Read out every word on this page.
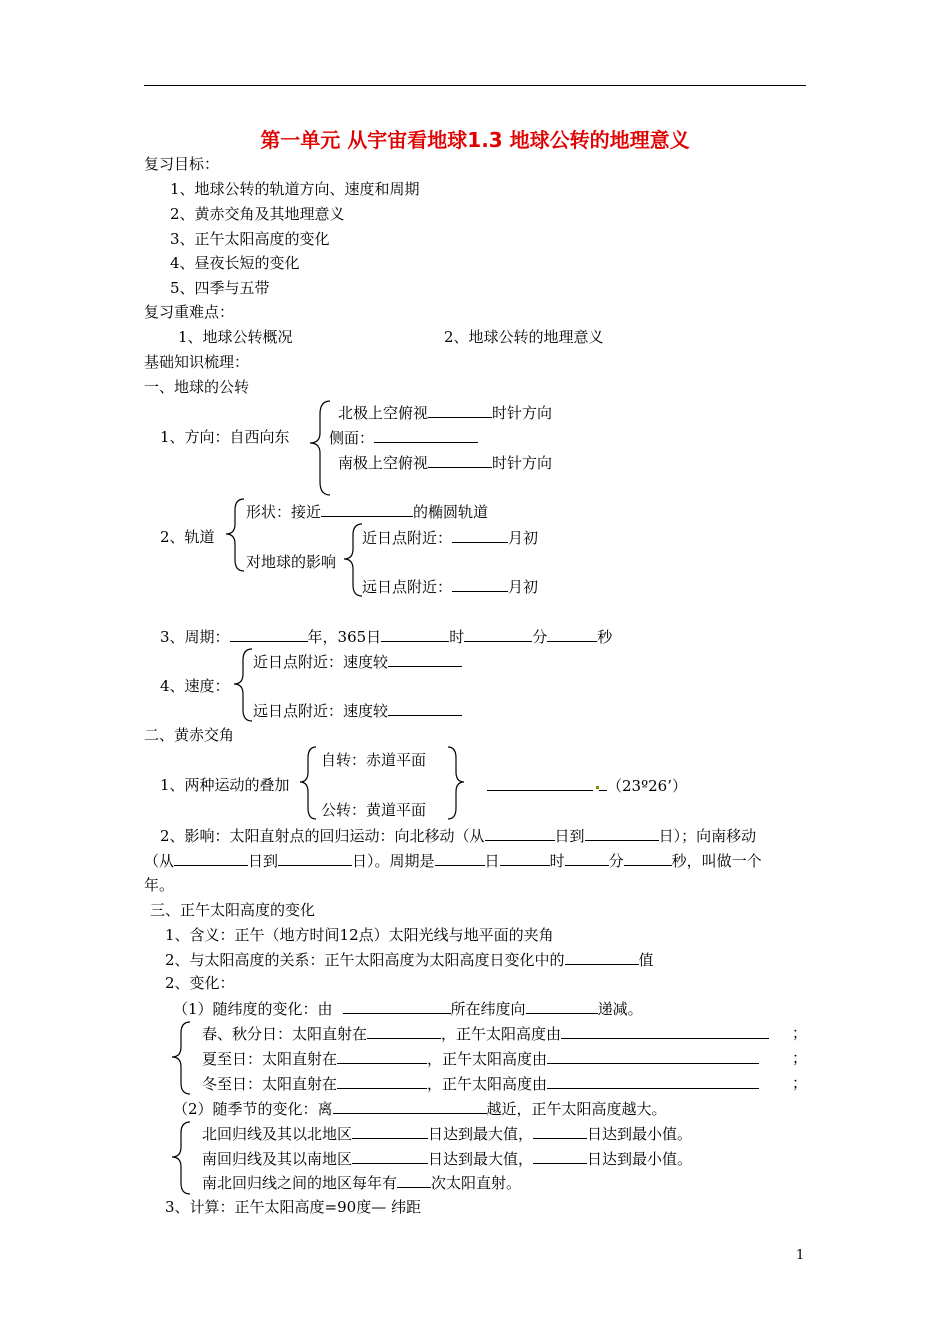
第一单元 从宇宙看地球1.3 地球公转的地理意义
复习目标：
1、地球公转的轨道方向、速度和周期
2、黄赤交角及其地理意义
3、正午太阳高度的变化
4、昼夜长短的变化
5、四季与五带
复习重难点：
1、地球公转概况	2、地球公转的地理意义
基础知识梳理：
一、地球的公转
1、方向：自西向东
北极上空俯视	时针方向
侧面：
南极上空俯视	时针方向
2、轨道
形状：接近	的椭圆轨道
对地球的影响
近日点附近：	月初
远日点附近：	月初
3、周期：	年，365日	时	分	秒
4、速度：
近日点附近：速度较
远日点附近：速度较
二、黄赤交角
1、两种运动的叠加
自转：赤道平面
公转：黄道平面
（23º26’）
2、影响：太阳直射点的回归运动：向北移动（从	日到	日）；向南移动
（从	日到	日）。周期是	日	时	分	秒，叫做一个
年。
三、正午太阳高度的变化
1、含义：正午（地方时间12点）太阳光线与地平面的夹角
2、与太阳高度的关系：正午太阳高度为太阳高度日变化中的	值
2、变化：
（1）随纬度的变化：由	所在纬度向	递减。
春、秋分日：太阳直射在	，正午太阳高度由	；
夏至日：太阳直射在	，正午太阳高度由	；
冬至日：太阳直射在	，正午太阳高度由	；
（2）随季节的变化：离	越近，正午太阳高度越大。
北回归线及其以北地区	日达到最大值，	日达到最小值。
南回归线及其以南地区	日达到最大值，	日达到最小值。
南北回归线之间的地区每年有 次太阳直射。
3、计算：正午太阳高度=90度— 纬距
1
